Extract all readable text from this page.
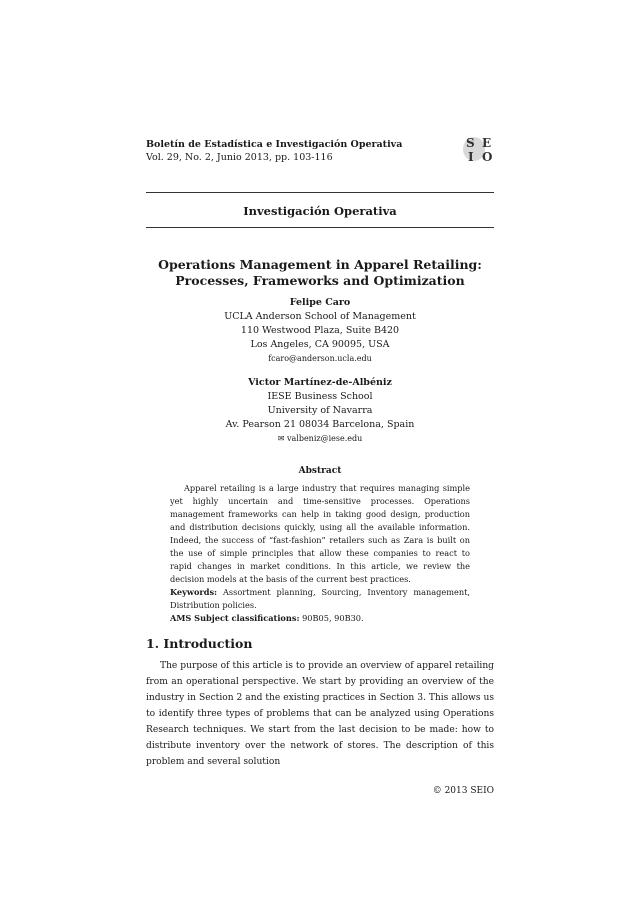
Boletín de Estadística e Investigación Operativa
Vol. 29, No. 2, Junio 2013, pp. 103-116
S E
I O
Investigación Operativa
Operations Management in Apparel Retailing:
Processes, Frameworks and Optimization
Felipe Caro
UCLA Anderson School of Management
110 Westwood Plaza, Suite B420
Los Angeles, CA 90095, USA
fcaro@anderson.ucla.edu
Victor Martínez-de-Albéniz
IESE Business School
University of Navarra
Av. Pearson 21 08034 Barcelona, Spain
✉ valbeniz@iese.edu
Abstract
Apparel retailing is a large industry that requires managing simple yet highly uncertain and time-sensitive processes. Operations management frameworks can help in taking good design, production and distribution decisions quickly, using all the available information. Indeed, the success of “fast-fashion” retailers such as Zara is built on the use of simple principles that allow these companies to react to rapid changes in market conditions. In this article, we review the decision models at the basis of the current best practices.
Keywords: Assortment planning, Sourcing, Inventory management, Distribution policies.
AMS Subject classifications: 90B05, 90B30.
1. Introduction
The purpose of this article is to provide an overview of apparel retailing from an operational perspective. We start by providing an overview of the industry in Section 2 and the existing practices in Section 3. This allows us to identify three types of problems that can be analyzed using Operations Research techniques. We start from the last decision to be made: how to distribute inventory over the network of stores. The description of this problem and several solution
© 2013 SEIO
